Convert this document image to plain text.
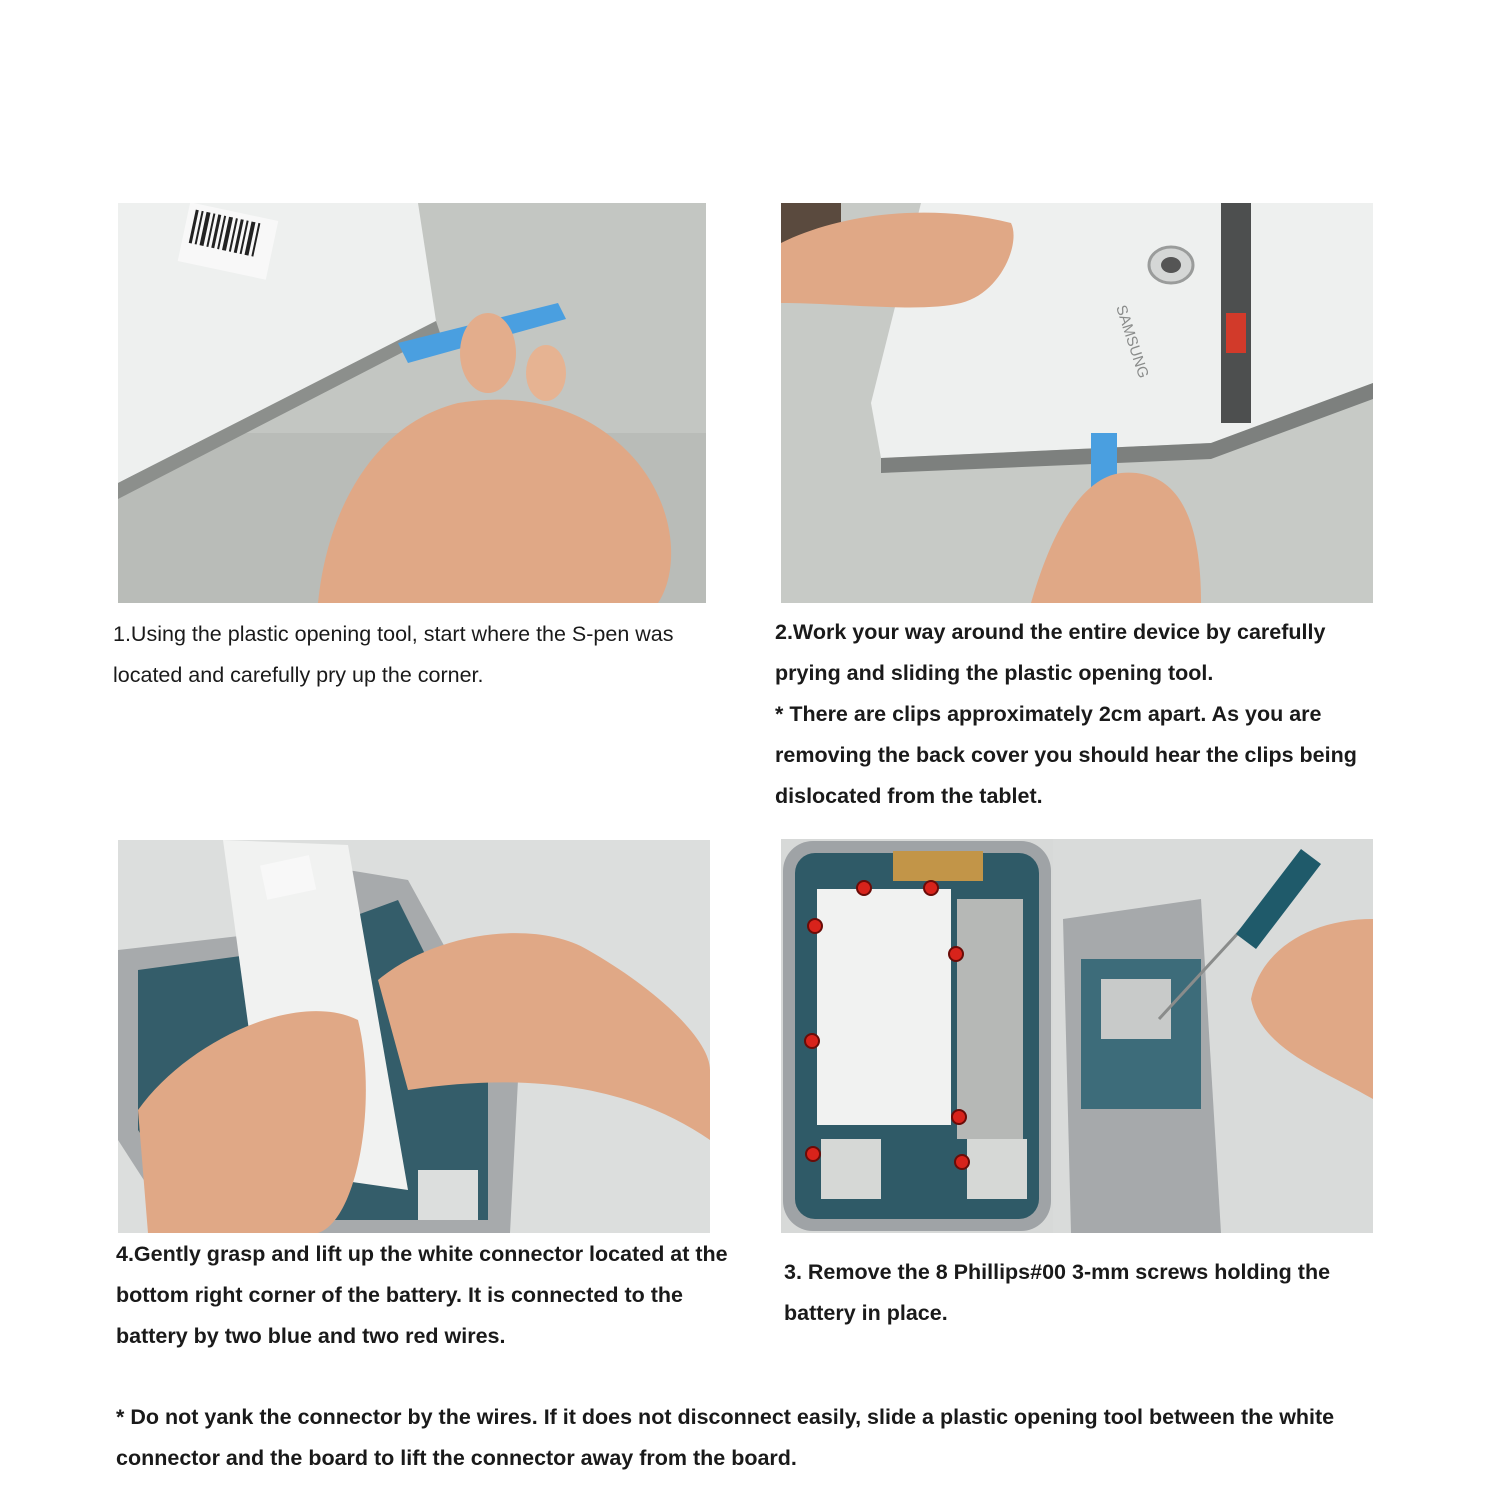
SAMSUNG

1.Using the plastic opening tool, start where the S-pen was located and carefully pry up the corner.

2.Work your way around the entire device by carefully prying and sliding the plastic opening tool.

* There are clips approximately 2cm apart. As you are removing the back cover you should hear the clips being dislocated from the tablet.

4.Gently grasp and lift up the white connector located at the bottom right corner of the battery. It is connected to the battery by two blue and two red wires.

3. Remove the 8 Phillips#00 3-mm screws holding the battery in place.

* Do not yank the connector by the wires. If it does not disconnect easily, slide a plastic opening tool between the white connector and the board to lift the connector away from the board.
